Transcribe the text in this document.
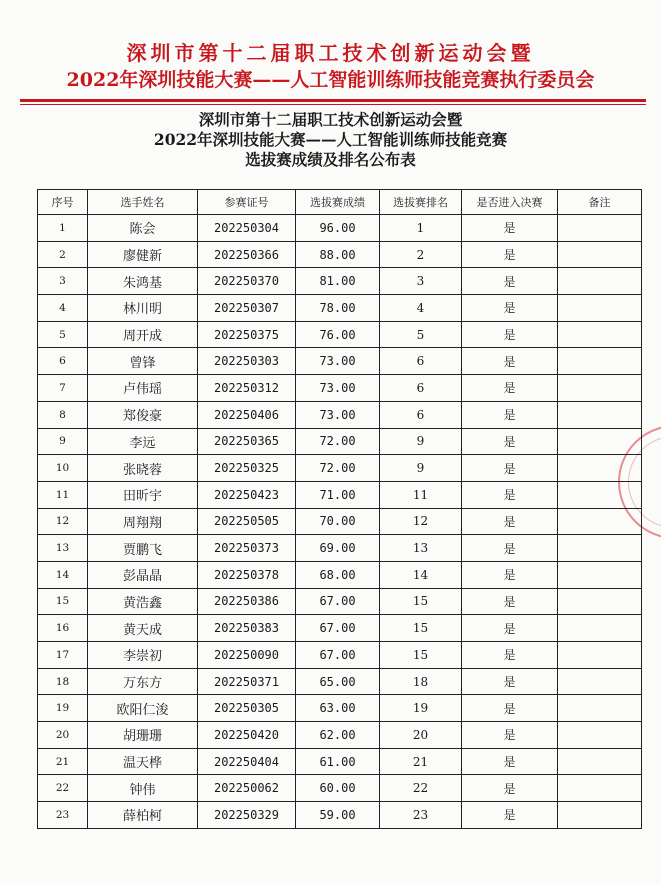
深圳市第十二届职工技术创新运动会暨
2022年深圳技能大赛——人工智能训练师技能竞赛执行委员会
深圳市第十二届职工技术创新运动会暨
2022年深圳技能大赛——人工智能训练师技能竞赛
选拔赛成绩及排名公布表
序号	选手姓名	参赛证号	选拔赛成绩	选拔赛排名	是否进入决赛	备注
1	陈会	202250304	96.00	1	是	
2	廖健新	202250366	88.00	2	是	
3	朱鸿基	202250370	81.00	3	是	
4	林川明	202250307	78.00	4	是	
5	周开成	202250375	76.00	5	是	
6	曾锋	202250303	73.00	6	是	
7	卢伟瑶	202250312	73.00	6	是	
8	郑俊豪	202250406	73.00	6	是	
9	李远	202250365	72.00	9	是	
10	张晓蓉	202250325	72.00	9	是	
11	田昕宇	202250423	71.00	11	是	
12	周翔翔	202250505	70.00	12	是	
13	贾鹏飞	202250373	69.00	13	是	
14	彭晶晶	202250378	68.00	14	是	
15	黄浩鑫	202250386	67.00	15	是	
16	黄天成	202250383	67.00	15	是	
17	李崇初	202250090	67.00	15	是	
18	万东方	202250371	65.00	18	是	
19	欧阳仁浚	202250305	63.00	19	是	
20	胡珊珊	202250420	62.00	20	是	
21	温天桦	202250404	61.00	21	是	
22	钟伟	202250062	60.00	22	是	
23	薛柏柯	202250329	59.00	23	是	
